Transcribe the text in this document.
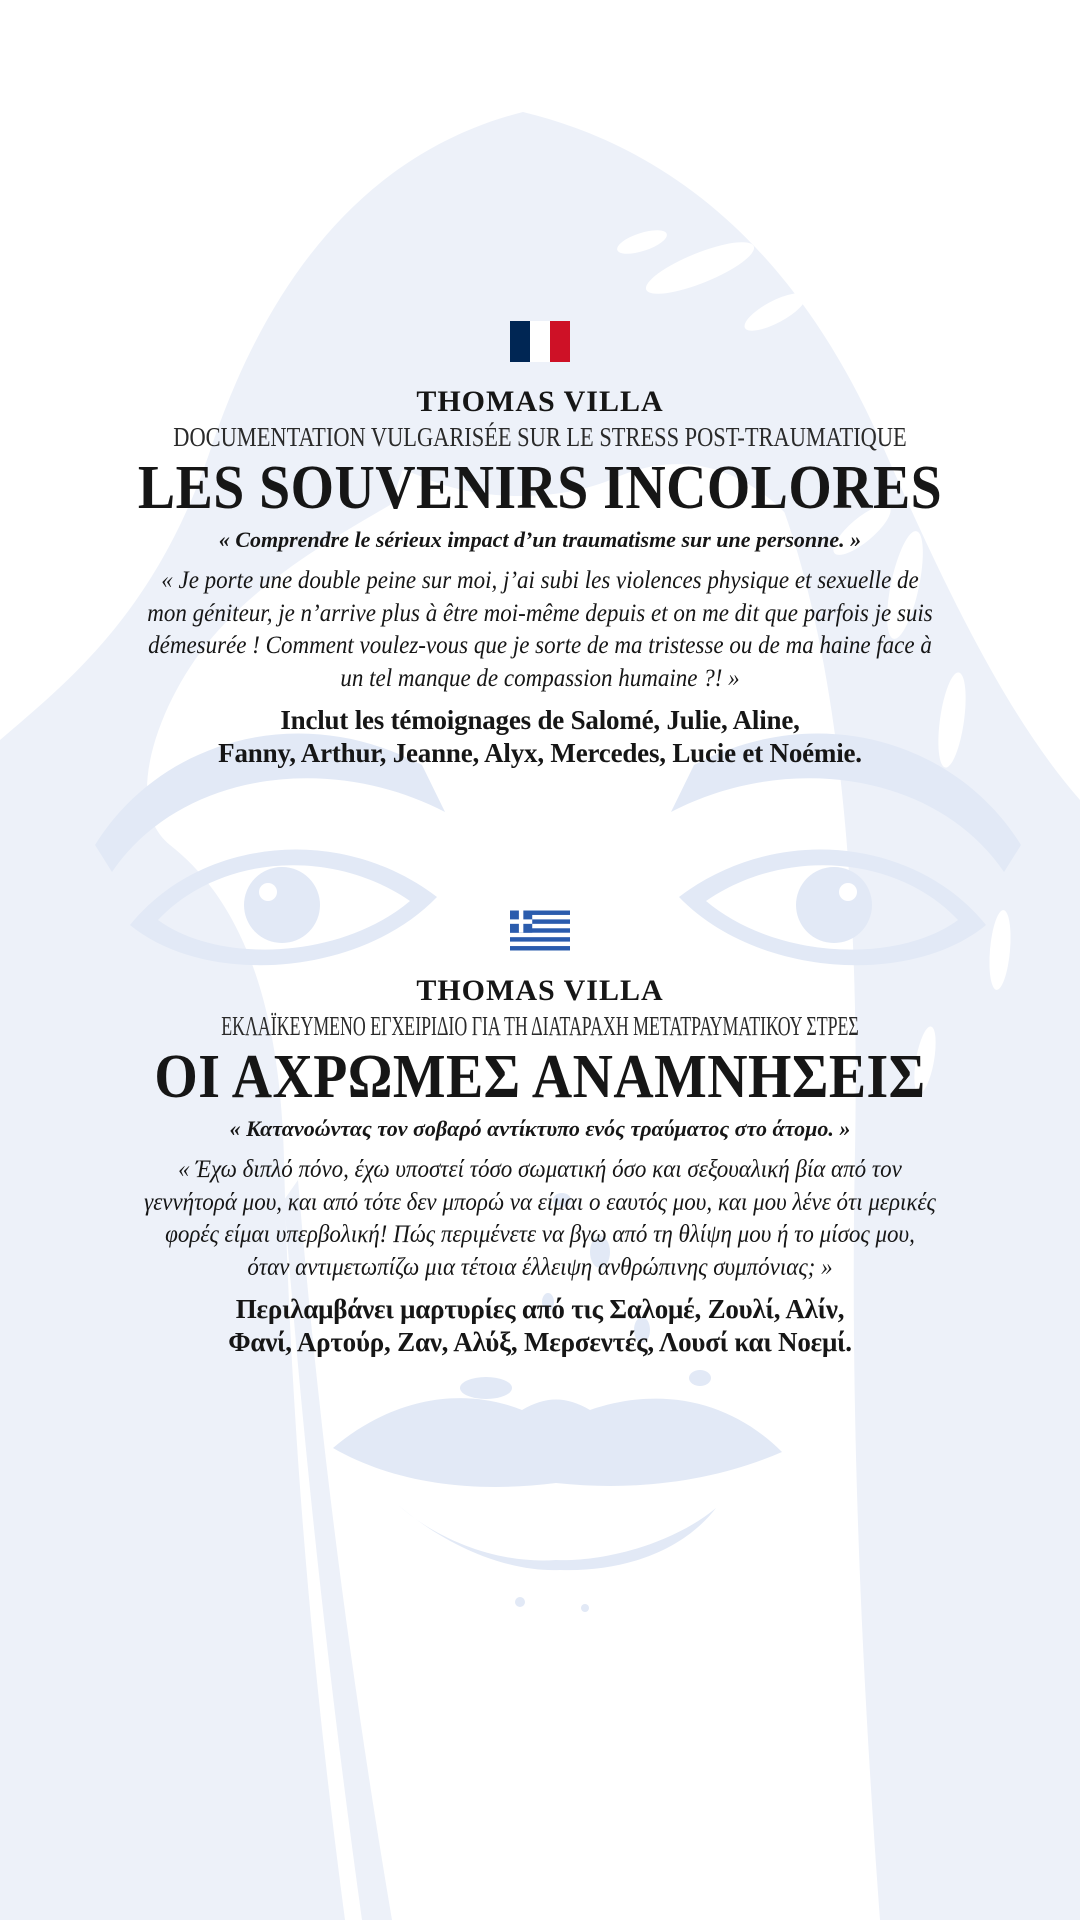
THOMAS VILLA
DOCUMENTATION VULGARISÉE SUR LE STRESS POST-TRAUMATIQUE
LES SOUVENIRS INCOLORES
« Comprendre le sérieux impact d’un traumatisme sur une personne. »
« Je porte une double peine sur moi, j’ai subi les violences physique et sexuelle de
mon géniteur, je n’arrive plus à être moi-même depuis et on me dit que parfois je suis
démesurée ! Comment voulez-vous que je sorte de ma tristesse ou de ma haine face à
un tel manque de compassion humaine ?! »
Inclut les témoignages de Salomé, Julie, Aline,
Fanny, Arthur, Jeanne, Alyx, Mercedes, Lucie et Noémie.
THOMAS VILLA
ΕΚΛΑΪΚΕΥΜΕΝΟ ΕΓΧΕΙΡΙΔΙΟ ΓΙΑ ΤΗ ΔΙΑΤΑΡΑΧΗ ΜΕΤΑΤΡΑΥΜΑΤΙΚΟΥ ΣΤΡΕΣ
ΟΙ ΑΧΡΩΜΕΣ ΑΝΑΜΝΗΣΕΙΣ
« Κατανοώντας τον σοβαρό αντίκτυπο ενός τραύματος στο άτομο. »
« Έχω διπλό πόνο, έχω υποστεί τόσο σωματική όσο και σεξουαλική βία από τον
γεννήτορά μου, και από τότε δεν μπορώ να είμαι ο εαυτός μου, και μου λένε ότι μερικές
φορές είμαι υπερβολική! Πώς περιμένετε να βγω από τη θλίψη μου ή το μίσος μου,
όταν αντιμετωπίζω μια τέτοια έλλειψη ανθρώπινης συμπόνιας; »
Περιλαμβάνει μαρτυρίες από τις Σαλομέ, Ζουλί, Αλίν,
Φανί, Αρτούρ, Ζαν, Αλύξ, Μερσεντές, Λουσί και Νοεμί.
